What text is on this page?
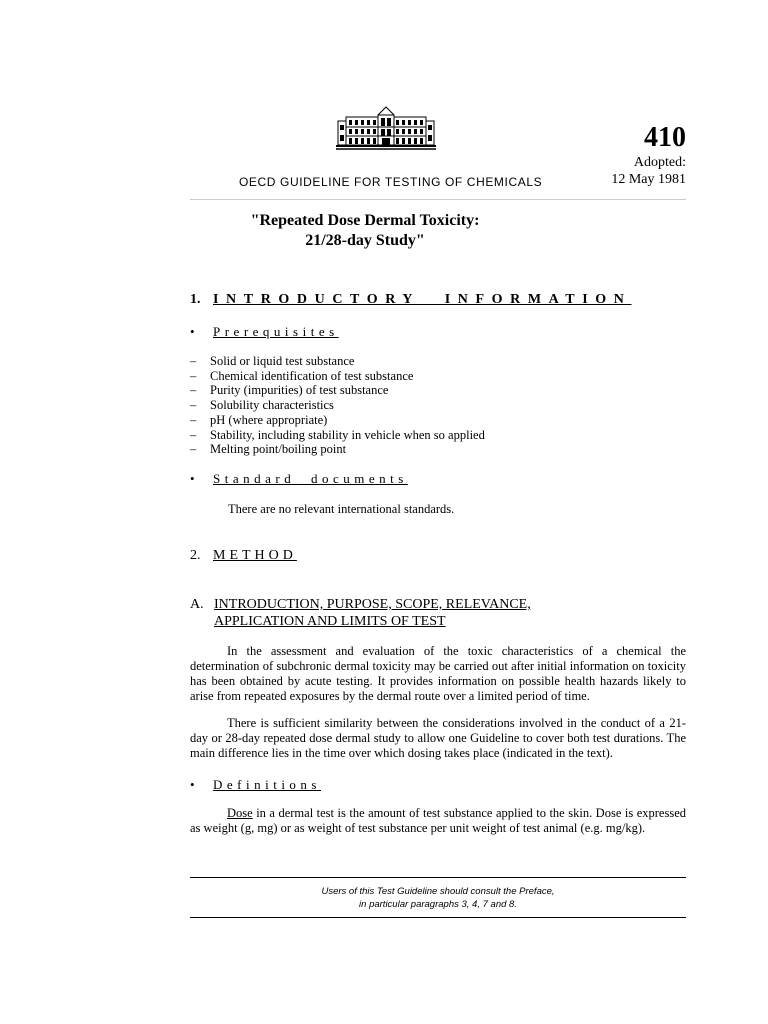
410
Adopted:
12 May 1981
OECD GUIDELINE FOR TESTING OF CHEMICALS
"Repeated Dose Dermal Toxicity:
21/28-day Study"
1. INTRODUCTORY INFORMATION
• Prerequisites
– Solid or liquid test substance
– Chemical identification of test substance
– Purity (impurities) of test substance
– Solubility characteristics
– pH (where appropriate)
– Stability, including stability in vehicle when so applied
– Melting point/boiling point
• Standard documents
There are no relevant international standards.
2. METHOD
A. INTRODUCTION, PURPOSE, SCOPE, RELEVANCE, APPLICATION AND LIMITS OF TEST

In the assessment and evaluation of the toxic characteristics of a chemical the determination of subchronic dermal toxicity may be carried out after initial information on toxicity has been obtained by acute testing. It provides information on possible health hazards likely to arise from repeated exposures by the dermal route over a limited period of time.

There is sufficient similarity between the considerations involved in the conduct of a 21-day or 28-day repeated dose dermal study to allow one Guideline to cover both test durations. The main difference lies in the time over which dosing takes place (indicated in the text).

• Definitions

Dose in a dermal test is the amount of test substance applied to the skin. Dose is expressed as weight (g, mg) or as weight of test substance per unit weight of test animal (e.g. mg/kg).

Users of this Test Guideline should consult the Preface,
in particular paragraphs 3, 4, 7 and 8.
